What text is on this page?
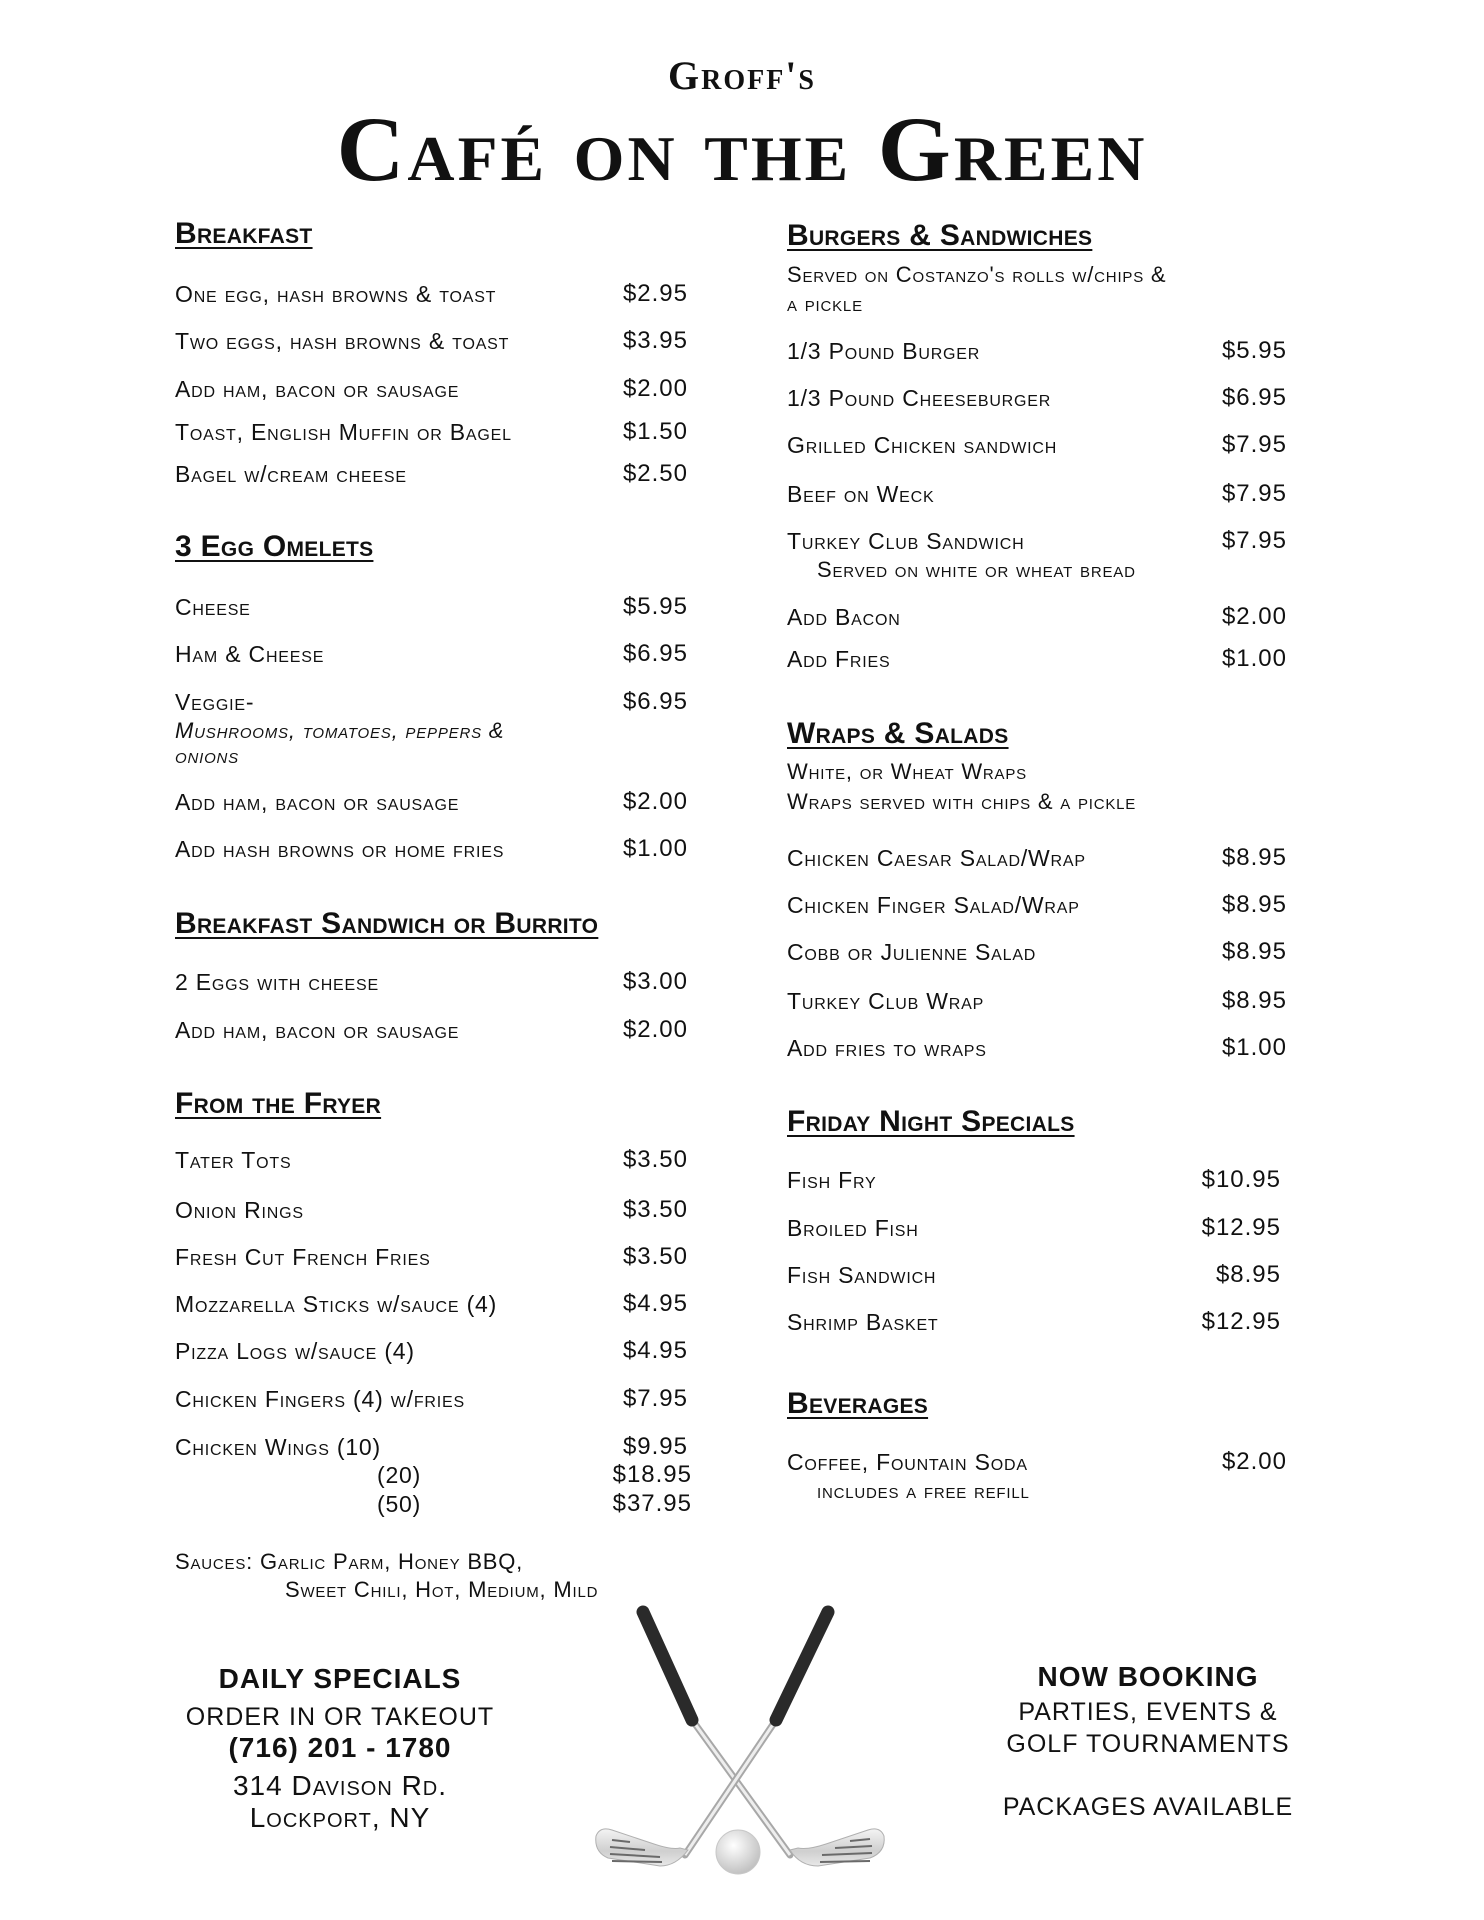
Groff's
Café on the Green
Breakfast
One egg, hash browns & toast	$2.95
Two eggs, hash browns & toast	$3.95
Add ham, bacon or sausage	$2.00
Toast, English Muffin or Bagel	$1.50
Bagel w/cream cheese	$2.50
3 Egg Omelets
Cheese	$5.95
Ham & Cheese	$6.95
Veggie-	$6.95
Mushrooms, tomatoes, peppers &
onions
Add ham, bacon or sausage	$2.00
Add hash browns or home fries	$1.00
Breakfast Sandwich or Burrito
2 Eggs with cheese	$3.00
Add ham, bacon or sausage	$2.00
From the Fryer
Tater Tots	$3.50
Onion Rings	$3.50
Fresh Cut French Fries	$3.50
Mozzarella Sticks w/sauce (4)	$4.95
Pizza Logs w/sauce (4)	$4.95
Chicken Fingers (4) w/fries	$7.95
Chicken Wings (10)	$9.95
(20)	$18.95
(50)	$37.95
Sauces: Garlic Parm, Honey BBQ,
Sweet Chili, Hot, Medium, Mild
Burgers & Sandwiches
Served on Costanzo's rolls w/chips &
a pickle
1/3 Pound Burger	$5.95
1/3 Pound Cheeseburger	$6.95
Grilled Chicken sandwich	$7.95
Beef on Weck	$7.95
Turkey Club Sandwich	$7.95
Served on white or wheat bread
Add Bacon	$2.00
Add Fries	$1.00
Wraps & Salads
White, or Wheat Wraps
Wraps served with chips & a pickle
Chicken Caesar Salad/Wrap	$8.95
Chicken Finger Salad/Wrap	$8.95
Cobb or Julienne Salad	$8.95
Turkey Club Wrap	$8.95
Add fries to wraps	$1.00
Friday Night Specials
Fish Fry	$10.95
Broiled Fish	$12.95
Fish Sandwich	$8.95
Shrimp Basket	$12.95
Beverages
Coffee, Fountain Soda	$2.00
includes a free refill
DAILY SPECIALS
ORDER IN OR TAKEOUT
(716) 201 - 1780
314 Davison Rd.
Lockport, NY
NOW BOOKING
PARTIES, EVENTS &
GOLF TOURNAMENTS
PACKAGES AVAILABLE
